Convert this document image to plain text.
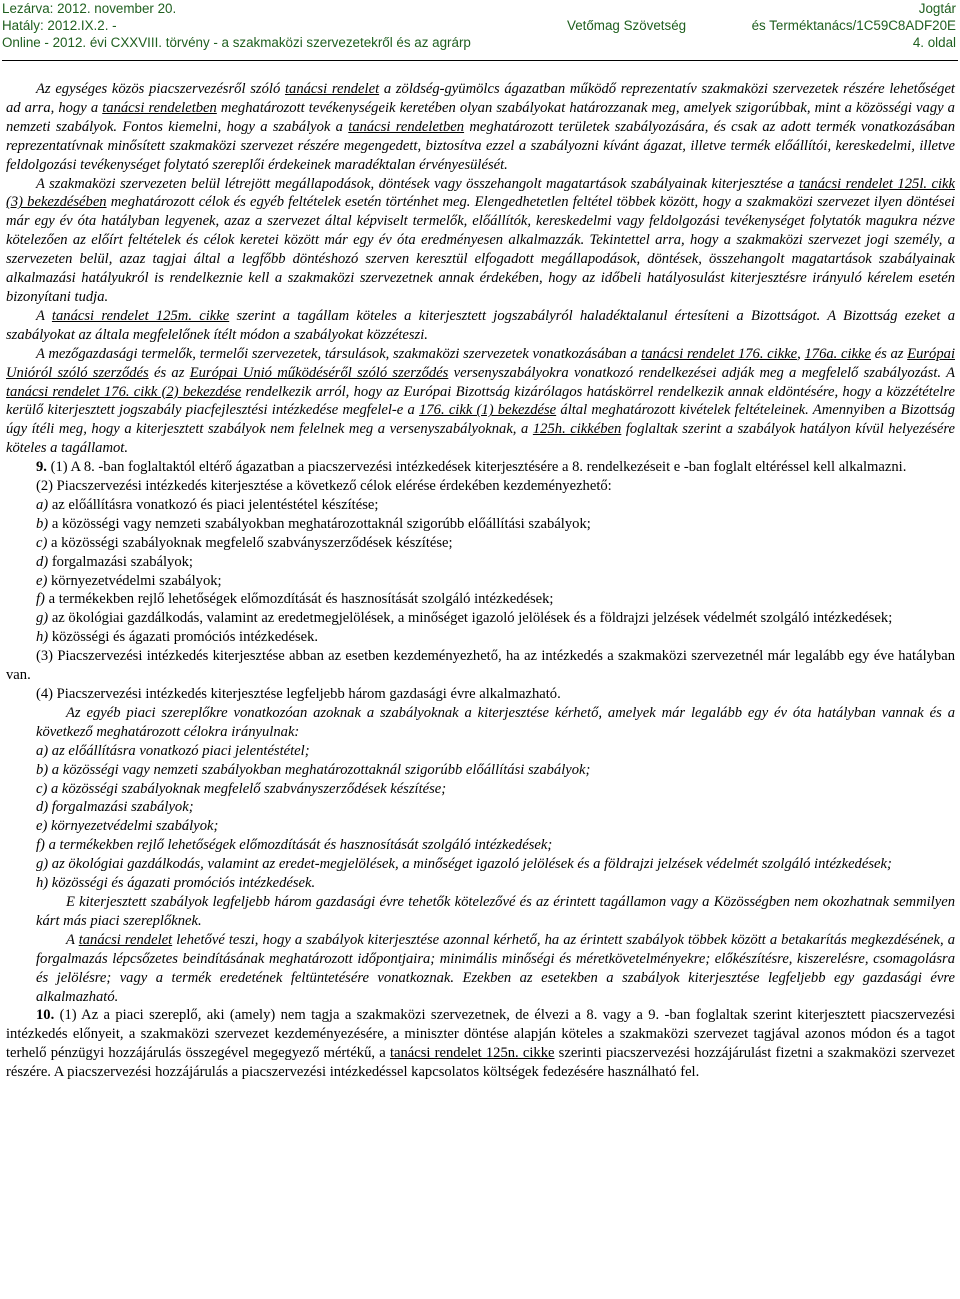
Lezárva: 2012. november 20.	Jogtár
Hatály: 2012.IX.2. -	Vetőmag Szövetség	és Terméktanács/1C59C8ADF20E
Online - 2012. évi CXXVIII. törvény - a szakmaközi szervezetekről és az agrárp	4. oldal

Az egységes közös piacszervezésről szóló tanácsi rendelet a zöldség-gyümölcs ágazatban működő reprezentatív szakmaközi szervezetek részére lehetőséget ad arra, hogy a tanácsi rendeletben meghatározott tevékenységeik keretében olyan szabályokat határozzanak meg, amelyek szigorúbbak, mint a közösségi vagy a nemzeti szabályok. Fontos kiemelni, hogy a szabályok a tanácsi rendeletben meghatározott területek szabályozására, és csak az adott termék vonatkozásában reprezentatívnak minősített szakmaközi szervezet részére megengedett, biztosítva ezzel a szabályozni kívánt ágazat, illetve termék előállítói, kereskedelmi, illetve feldolgozási tevékenységet folytató szereplői érdekeinek maradéktalan érvényesülését.

A szakmaközi szervezeten belül létrejött megállapodások, döntések vagy összehangolt magatartások szabályainak kiterjesztése a tanácsi rendelet 125l. cikk (3) bekezdésében meghatározott célok és egyéb feltételek esetén történhet meg. Elengedhetetlen feltétel többek között, hogy a szakmaközi szervezet ilyen döntései már egy év óta hatályban legyenek, azaz a szervezet által képviselt termelők, előállítók, kereskedelmi vagy feldolgozási tevékenységet folytatók magukra nézve kötelezően az előírt feltételek és célok keretei között már egy év óta eredményesen alkalmazzák. Tekintettel arra, hogy a szakmaközi szervezet jogi személy, a szervezeten belül, azaz tagjai által a legfőbb döntéshozó szerven keresztül elfogadott megállapodások, döntések, összehangolt magatartások szabályainak alkalmazási hatályukról is rendelkeznie kell a szakmaközi szervezetnek annak érdekében, hogy az időbeli hatályosulást kiterjesztésre irányuló kérelem esetén bizonyítani tudja.

A tanácsi rendelet 125m. cikke szerint a tagállam köteles a kiterjesztett jogszabályról haladéktalanul értesíteni a Bizottságot. A Bizottság ezeket a szabályokat az általa megfelelőnek ítélt módon a szabályokat közzéteszi.

A mezőgazdasági termelők, termelői szervezetek, társulások, szakmaközi szervezetek vonatkozásában a tanácsi rendelet 176. cikke, 176a. cikke és az Európai Unióról szóló szerződés és az Európai Unió működéséről szóló szerződés versenyszabályokra vonatkozó rendelkezései adják meg a megfelelő szabályozást. A tanácsi rendelet 176. cikk (2) bekezdése rendelkezik arról, hogy az Európai Bizottság kizárólagos hatáskörrel rendelkezik annak eldöntésére, hogy a közzétételre kerülő kiterjesztett jogszabály piacfejlesztési intézkedése megfelel-e a 176. cikk (1) bekezdése által meghatározott kivételek feltételeinek. Amennyiben a Bizottság úgy ítéli meg, hogy a kiterjesztett szabályok nem felelnek meg a versenyszabályoknak, a 125h. cikkében foglaltak szerint a szabályok hatályon kívül helyezésére köteles a tagállamot.

9. (1) A 8. -ban foglaltaktól eltérő ágazatban a piacszervezési intézkedések kiterjesztésére a 8. rendelkezéseit e -ban foglalt eltéréssel kell alkalmazni.

(2) Piacszervezési intézkedés kiterjesztése a következő célok elérése érdekében kezdeményezhető:

a) az előállításra vonatkozó és piaci jelentéstétel készítése;

b) a közösségi vagy nemzeti szabályokban meghatározottaknál szigorúbb előállítási szabályok;

c) a közösségi szabályoknak megfelelő szabványszerződések készítése;

d) forgalmazási szabályok;

e) környezetvédelmi szabályok;

f) a termékekben rejlő lehetőségek előmozdítását és hasznosítását szolgáló intézkedések;

g) az ökológiai gazdálkodás, valamint az eredetmegjelölések, a minőséget igazoló jelölések és a földrajzi jelzések védelmét szolgáló intézkedések;

h) közösségi és ágazati promóciós intézkedések.

(3) Piacszervezési intézkedés kiterjesztése abban az esetben kezdeményezhető, ha az intézkedés a szakmaközi szervezetnél már legalább egy éve hatályban van.

(4) Piacszervezési intézkedés kiterjesztése legfeljebb három gazdasági évre alkalmazható.

Az egyéb piaci szereplőkre vonatkozóan azoknak a szabályoknak a kiterjesztése kérhető, amelyek már legalább egy év óta hatályban vannak és a következő meghatározott célokra irányulnak:

a) az előállításra vonatkozó piaci jelentéstétel;

b) a közösségi vagy nemzeti szabályokban meghatározottaknál szigorúbb előállítási szabályok;

c) a közösségi szabályoknak megfelelő szabványszerződések készítése;

d) forgalmazási szabályok;

e) környezetvédelmi szabályok;

f) a termékekben rejlő lehetőségek előmozdítását és hasznosítását szolgáló intézkedések;

g) az ökológiai gazdálkodás, valamint az eredet-megjelölések, a minőséget igazoló jelölések és a földrajzi jelzések védelmét szolgáló intézkedések;

h) közösségi és ágazati promóciós intézkedések.

E kiterjesztett szabályok legfeljebb három gazdasági évre tehetők kötelezővé és az érintett tagállamon vagy a Közösségben nem okozhatnak semmilyen kárt más piaci szereplőknek.

A tanácsi rendelet lehetővé teszi, hogy a szabályok kiterjesztése azonnal kérhető, ha az érintett szabályok többek között a betakarítás megkezdésének, a forgalmazás lépcsőzetes beindításának meghatározott időpontjaira; minimális minőségi és méretkövetelményekre; előkészítésre, kiszerelésre, csomagolásra és jelölésre; vagy a termék eredetének feltüntetésére vonatkoznak. Ezekben az esetekben a szabályok kiterjesztése legfeljebb egy gazdasági évre alkalmazható.

10. (1) Az a piaci szereplő, aki (amely) nem tagja a szakmaközi szervezetnek, de élvezi a 8. vagy a 9. -ban foglaltak szerint kiterjesztett piacszervezési intézkedés előnyeit, a szakmaközi szervezet kezdeményezésére, a miniszter döntése alapján köteles a szakmaközi szervezet tagjával azonos módon és a tagot terhelő pénzügyi hozzájárulás összegével megegyező mértékű, a tanácsi rendelet 125n. cikke szerinti piacszervezési hozzájárulást fizetni a szakmaközi szervezet részére. A piacszervezési hozzájárulás a piacszervezési intézkedéssel kapcsolatos költségek fedezésére használható fel.
